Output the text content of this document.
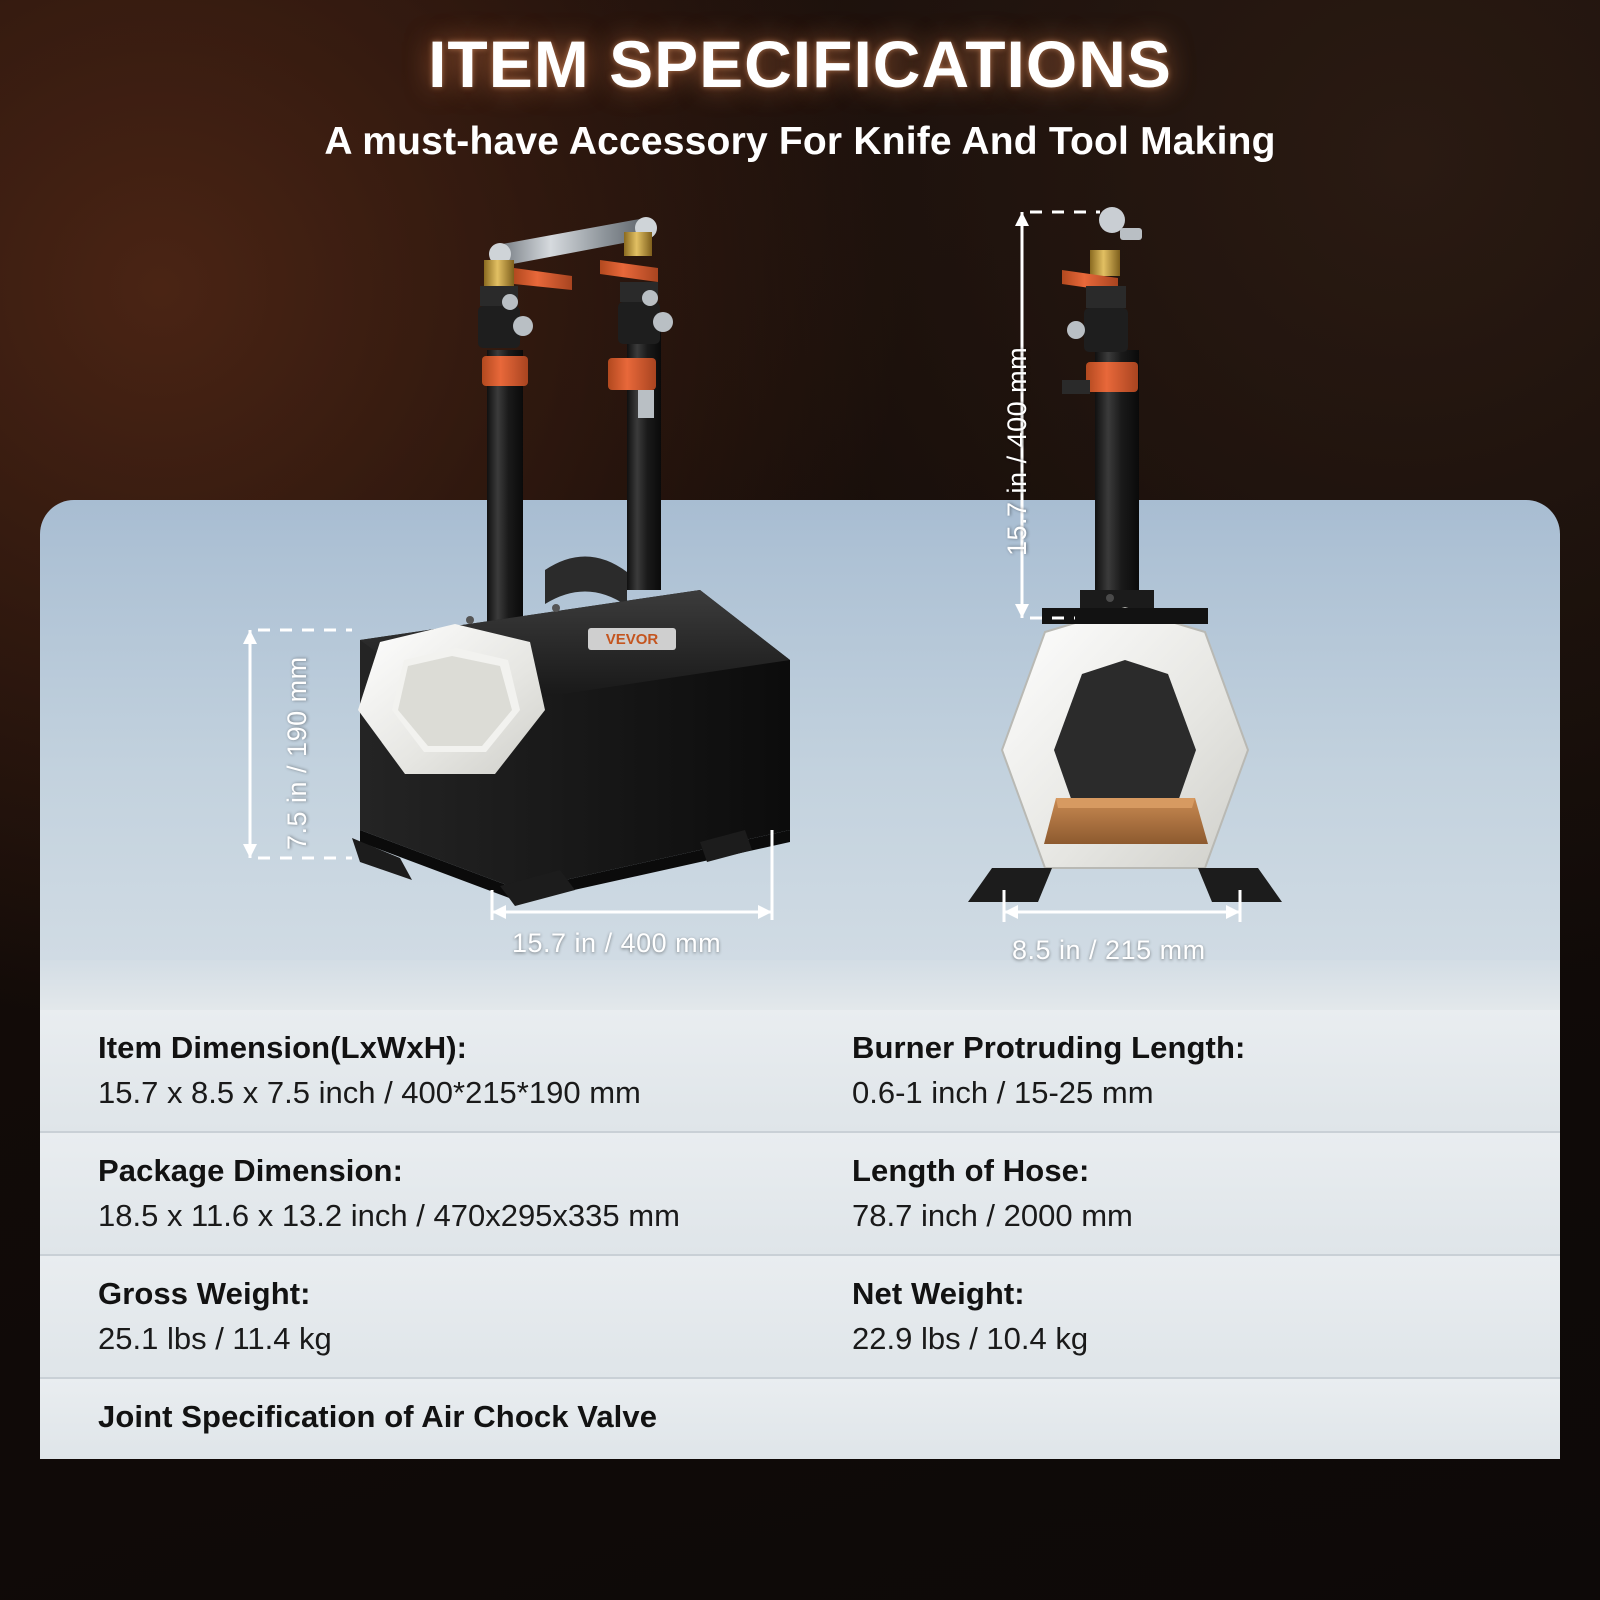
ITEM SPECIFICATIONS

A must-have Accessory For Knife And Tool Making

VEVOR
7.5 in / 190 mm
15.7 in / 400 mm
15.7 in / 400 mm
8.5 in / 215 mm

Item Dimension(LxWxH):

15.7 x 8.5 x 7.5 inch / 400*215*190 mm

Burner Protruding Length:

0.6-1 inch / 15-25 mm

Package Dimension:

18.5 x 11.6 x 13.2 inch / 470x295x335 mm

Length of Hose:

78.7 inch / 2000 mm

Gross Weight:

25.1 lbs / 11.4 kg

Net Weight:

22.9 lbs / 10.4 kg

Joint Specification of Air Chock Valve
